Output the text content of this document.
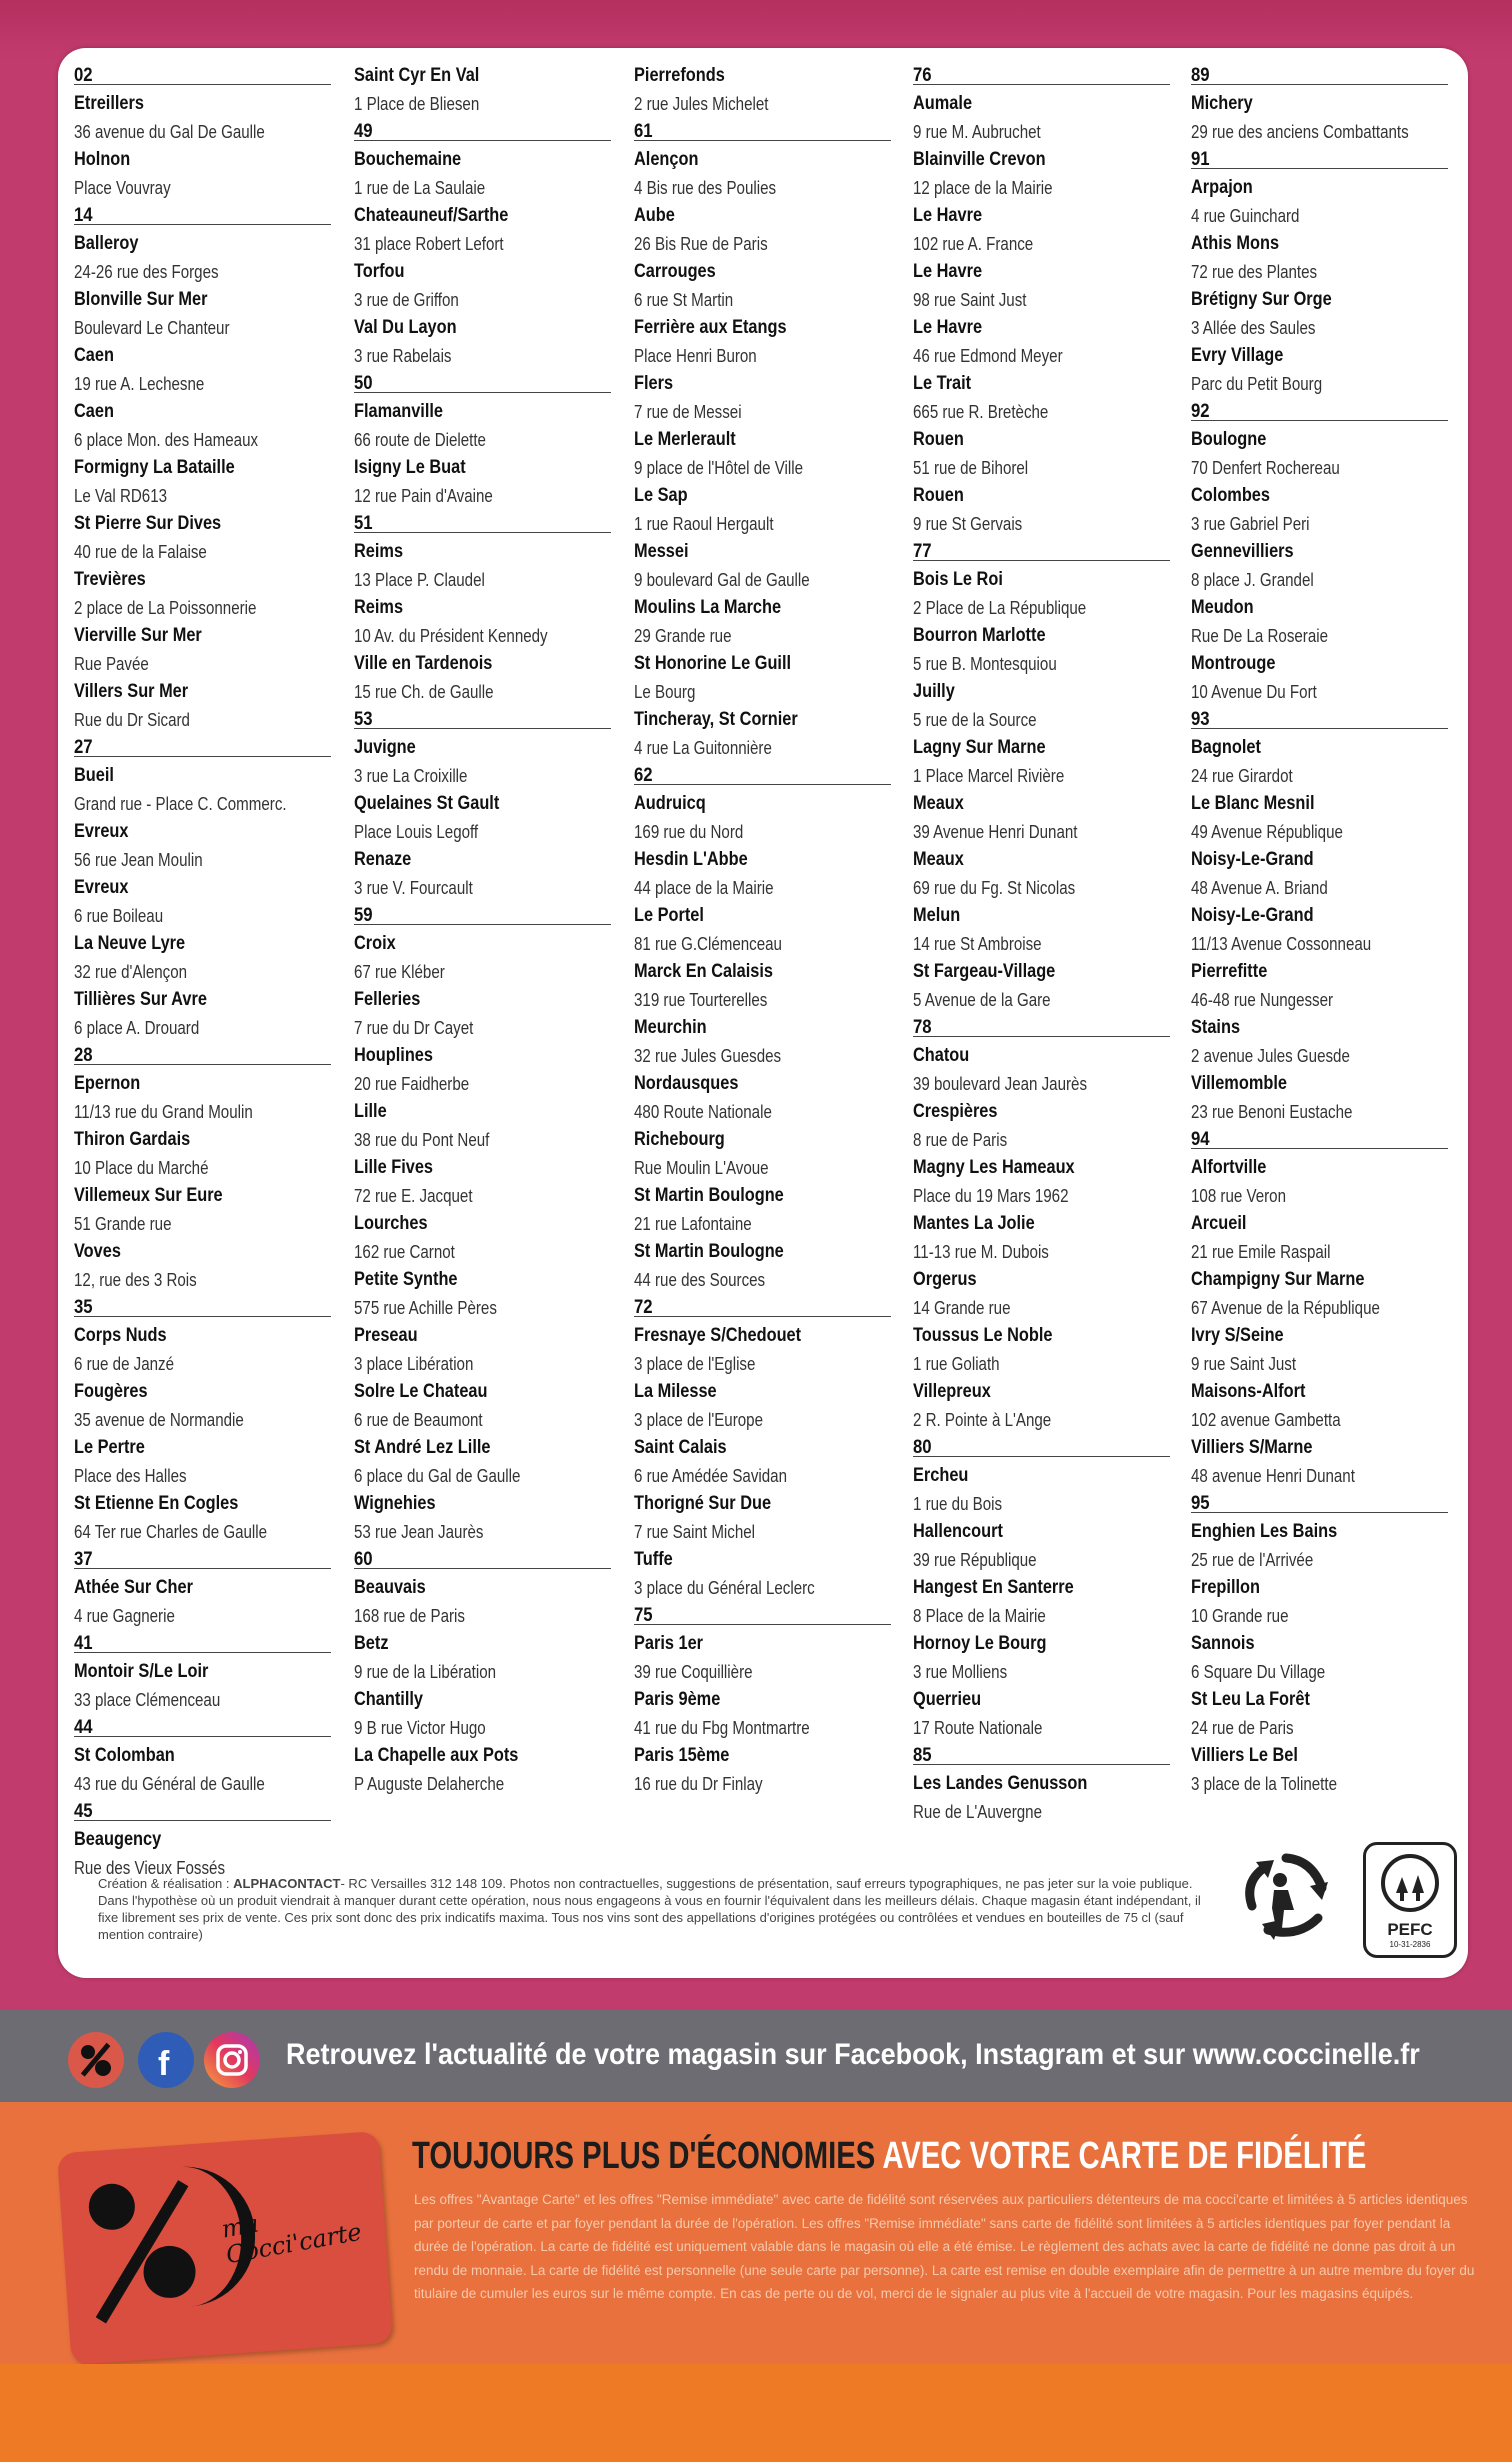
02
Etreillers
36 avenue du Gal De Gaulle
Holnon
Place Vouvray
14
Balleroy
24-26 rue des Forges
Blonville Sur Mer
Boulevard Le Chanteur
Caen
19 rue A. Lechesne
Caen
6 place Mon. des Hameaux
Formigny La Bataille
Le Val RD613
St Pierre Sur Dives
40 rue de la Falaise
Trevières
2 place de La Poissonnerie
Vierville Sur Mer
Rue Pavée
Villers Sur Mer
Rue du Dr Sicard
27
Bueil
Grand rue - Place C. Commerc.
Evreux
56 rue Jean Moulin
Evreux
6 rue Boileau
La Neuve Lyre
32 rue d'Alençon
Tillières Sur Avre
6 place A. Drouard
28
Epernon
11/13 rue du Grand Moulin
Thiron Gardais
10 Place du Marché
Villemeux Sur Eure
51 Grande rue
Voves
12, rue des 3 Rois
35
Corps Nuds
6 rue de Janzé
Fougères
35 avenue de Normandie
Le Pertre
Place des Halles
St Etienne En Cogles
64 Ter rue Charles de Gaulle
37
Athée Sur Cher
4 rue Gagnerie
41
Montoir S/Le Loir
33 place Clémenceau
44
St Colomban
43 rue du Général de Gaulle
45
Beaugency
Rue des Vieux Fossés
Saint Cyr En Val
1 Place de Bliesen
49
Bouchemaine
1 rue de La Saulaie
Chateauneuf/Sarthe
31 place Robert Lefort
Torfou
3 rue de Griffon
Val Du Layon
3 rue Rabelais
50
Flamanville
66 route de Dielette
Isigny Le Buat
12 rue Pain d'Avaine
51
Reims
13 Place P. Claudel
Reims
10 Av. du Président Kennedy
Ville en Tardenois
15 rue Ch. de Gaulle
53
Juvigne
3 rue La Croixille
Quelaines St Gault
Place Louis Legoff
Renaze
3 rue V. Fourcault
59
Croix
67 rue Kléber
Felleries
7 rue du Dr Cayet
Houplines
20 rue Faidherbe
Lille
38 rue du Pont Neuf
Lille Fives
72 rue E. Jacquet
Lourches
162 rue Carnot
Petite Synthe
575 rue Achille Pères
Preseau
3 place Libération
Solre Le Chateau
6 rue de Beaumont
St André Lez Lille
6 place du Gal de Gaulle
Wignehies
53 rue Jean Jaurès
60
Beauvais
168 rue de Paris
Betz
9 rue de la Libération
Chantilly
9 B rue Victor Hugo
La Chapelle aux Pots
P Auguste Delaherche
Pierrefonds
2 rue Jules Michelet
61
Alençon
4 Bis rue des Poulies
Aube
26 Bis Rue de Paris
Carrouges
6 rue St Martin
Ferrière aux Etangs
Place Henri Buron
Flers
7 rue de Messei
Le Merlerault
9 place de l'Hôtel de Ville
Le Sap
1 rue Raoul Hergault
Messei
9 boulevard Gal de Gaulle
Moulins La Marche
29 Grande rue
St Honorine Le Guill
Le Bourg
Tincheray, St Cornier
4 rue La Guitonnière
62
Audruicq
169 rue du Nord
Hesdin L'Abbe
44 place de la Mairie
Le Portel
81 rue G.Clémenceau
Marck En Calaisis
319 rue Tourterelles
Meurchin
32 rue Jules Guesdes
Nordausques
480 Route Nationale
Richebourg
Rue Moulin L'Avoue
St Martin Boulogne
21 rue Lafontaine
St Martin Boulogne
44 rue des Sources
72
Fresnaye S/Chedouet
3 place de l'Eglise
La Milesse
3 place de l'Europe
Saint Calais
6 rue Amédée Savidan
Thorigné Sur Due
7 rue Saint Michel
Tuffe
3 place du Général Leclerc
75
Paris 1er
39 rue Coquillière
Paris 9ème
41 rue du Fbg Montmartre
Paris 15ème
16 rue du Dr Finlay
76
Aumale
9 rue M. Aubruchet
Blainville Crevon
12 place de la Mairie
Le Havre
102 rue A. France
Le Havre
98 rue Saint Just
Le Havre
46 rue Edmond Meyer
Le Trait
665 rue R. Bretèche
Rouen
51 rue de Bihorel
Rouen
9 rue St Gervais
77
Bois Le Roi
2 Place de La République
Bourron Marlotte
5 rue B. Montesquiou
Juilly
5 rue de la Source
Lagny Sur Marne
1 Place Marcel Rivière
Meaux
39 Avenue Henri Dunant
Meaux
69 rue du Fg. St Nicolas
Melun
14 rue St Ambroise
St Fargeau-Village
5 Avenue de la Gare
78
Chatou
39 boulevard Jean Jaurès
Crespières
8 rue de Paris
Magny Les Hameaux
Place du 19 Mars 1962
Mantes La Jolie
11-13 rue M. Dubois
Orgerus
14 Grande rue
Toussus Le Noble
1 rue Goliath
Villepreux
2 R. Pointe à L'Ange
80
Ercheu
1 rue du Bois
Hallencourt
39 rue République
Hangest En Santerre
8 Place de la Mairie
Hornoy Le Bourg
3 rue Molliens
Querrieu
17 Route Nationale
85
Les Landes Genusson
Rue de L'Auvergne
89
Michery
29 rue des anciens Combattants
91
Arpajon
4 rue Guinchard
Athis Mons
72 rue des Plantes
Brétigny Sur Orge
3 Allée des Saules
Evry Village
Parc du Petit Bourg
92
Boulogne
70 Denfert Rochereau
Colombes
3 rue Gabriel Peri
Gennevilliers
8 place J. Grandel
Meudon
Rue De La Roseraie
Montrouge
10 Avenue Du Fort
93
Bagnolet
24 rue Girardot
Le Blanc Mesnil
49 Avenue République
Noisy-Le-Grand
48 Avenue A. Briand
Noisy-Le-Grand
11/13 Avenue Cossonneau
Pierrefitte
46-48 rue Nungesser
Stains
2 avenue Jules Guesde
Villemomble
23 rue Benoni Eustache
94
Alfortville
108 rue Veron
Arcueil
21 rue Emile Raspail
Champigny Sur Marne
67 Avenue de la République
Ivry S/Seine
9 rue Saint Just
Maisons-Alfort
102 avenue Gambetta
Villiers S/Marne
48 avenue Henri Dunant
95
Enghien Les Bains
25 rue de l'Arrivée
Frepillon
10 Grande rue
Sannois
6 Square Du Village
St Leu La Forêt
24 rue de Paris
Villiers Le Bel
3 place de la Tolinette
Création & réalisation : ALPHACONTACT- RC Versailles 312 148 109. Photos non contractuelles, suggestions de présentation, sauf erreurs typographiques, ne pas jeter sur la voie publique. Dans l'hypothèse où un produit viendrait à manquer durant cette opération, nous nous engageons à vous en fournir l'équivalent dans les meilleurs délais. Chaque magasin étant indépendant, il fixe librement ses prix de vente. Ces prix sont donc des prix indicatifs maxima. Tous nos vins sont des appellations d'origines protégées ou contrôlées et vendues en bouteilles de 75 cl (sauf mention contraire)	PEFC
10-31-2836
f	Retrouvez l'actualité de votre magasin sur Facebook, Instagram et sur www.coccinelle.fr
ma Cocci'carte
TOUJOURS PLUS D'ÉCONOMIES AVEC VOTRE CARTE DE FIDÉLITÉ
Les offres "Avantage Carte" et les offres "Remise immédiate" avec carte de fidélité sont réservées aux particuliers détenteurs de ma cocci'carte et limitées à 5 articles identiques par porteur de carte et par foyer pendant la durée de l'opération. Les offres "Remise immédiate" sans carte de fidélité sont limitées à 5 articles identiques par foyer pendant la durée de l'opération. La carte de fidélité est uniquement valable dans le magasin où elle a été émise. Le règlement des achats avec la carte de fidélité ne donne pas droit à un rendu de monnaie. La carte de fidélité est personnelle (une seule carte par personne). La carte est remise en double exemplaire afin de permettre à un autre membre du foyer du titulaire de cumuler les euros sur le même compte. En cas de perte ou de vol, merci de le signaler au plus vite à l'accueil de votre magasin. Pour les magasins équipés.
